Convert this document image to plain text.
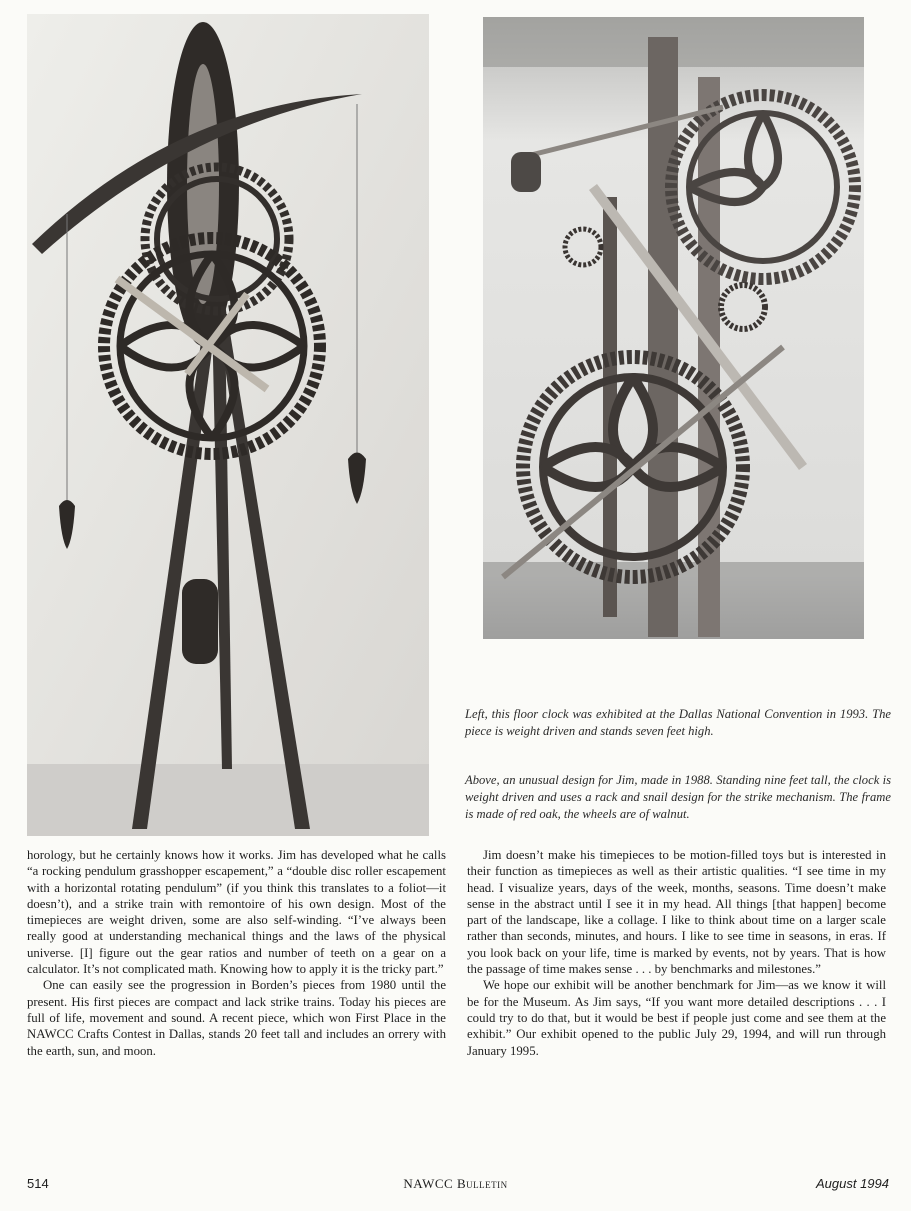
Left, this floor clock was exhibited at the Dallas National Convention in 1993. The piece is weight driven and stands seven feet high.
Above, an unusual design for Jim, made in 1988. Standing nine feet tall, the clock is weight driven and uses a rack and snail design for the strike mechanism. The frame is made of red oak, the wheels are of walnut.

horology, but he certainly knows how it works. Jim has developed what he calls “a rocking pendulum grasshopper escapement,” a “double disc roller escapement with a horizontal rotating pendulum” (if you think this translates to a foliot—it doesn’t), and a strike train with remontoire of his own design. Most of the timepieces are weight driven, some are also self-winding. “I’ve always been really good at understanding mechanical things and the laws of the physical universe. [I] figure out the gear ratios and number of teeth on a gear on a calculator. It’s not complicated math. Knowing how to apply it is the tricky part.”

One can easily see the progression in Borden’s pieces from 1980 until the present. His first pieces are compact and lack strike trains. Today his pieces are full of life, movement and sound. A recent piece, which won First Place in the NAWCC Crafts Contest in Dallas, stands 20 feet tall and includes an orrery with the earth, sun, and moon.

Jim doesn’t make his timepieces to be motion-filled toys but is interested in their function as timepieces as well as their artistic qualities. “I see time in my head. I visualize years, days of the week, months, seasons. Time doesn’t make sense in the abstract until I see it in my head. All things [that happen] become part of the landscape, like a collage. I like to think about time on a larger scale rather than seconds, minutes, and hours. I like to see time in seasons, in eras. If you look back on your life, time is marked by events, not by years. That is how the passage of time makes sense . . . by benchmarks and milestones.”

We hope our exhibit will be another benchmark for Jim—as we know it will be for the Museum. As Jim says, “If you want more detailed descriptions . . . I could try to do that, but it would be best if people just come and see them at the exhibit.” Our exhibit opened to the public July 29, 1994, and will run through January 1995.

514	NAWCC Bulletin	August 1994
